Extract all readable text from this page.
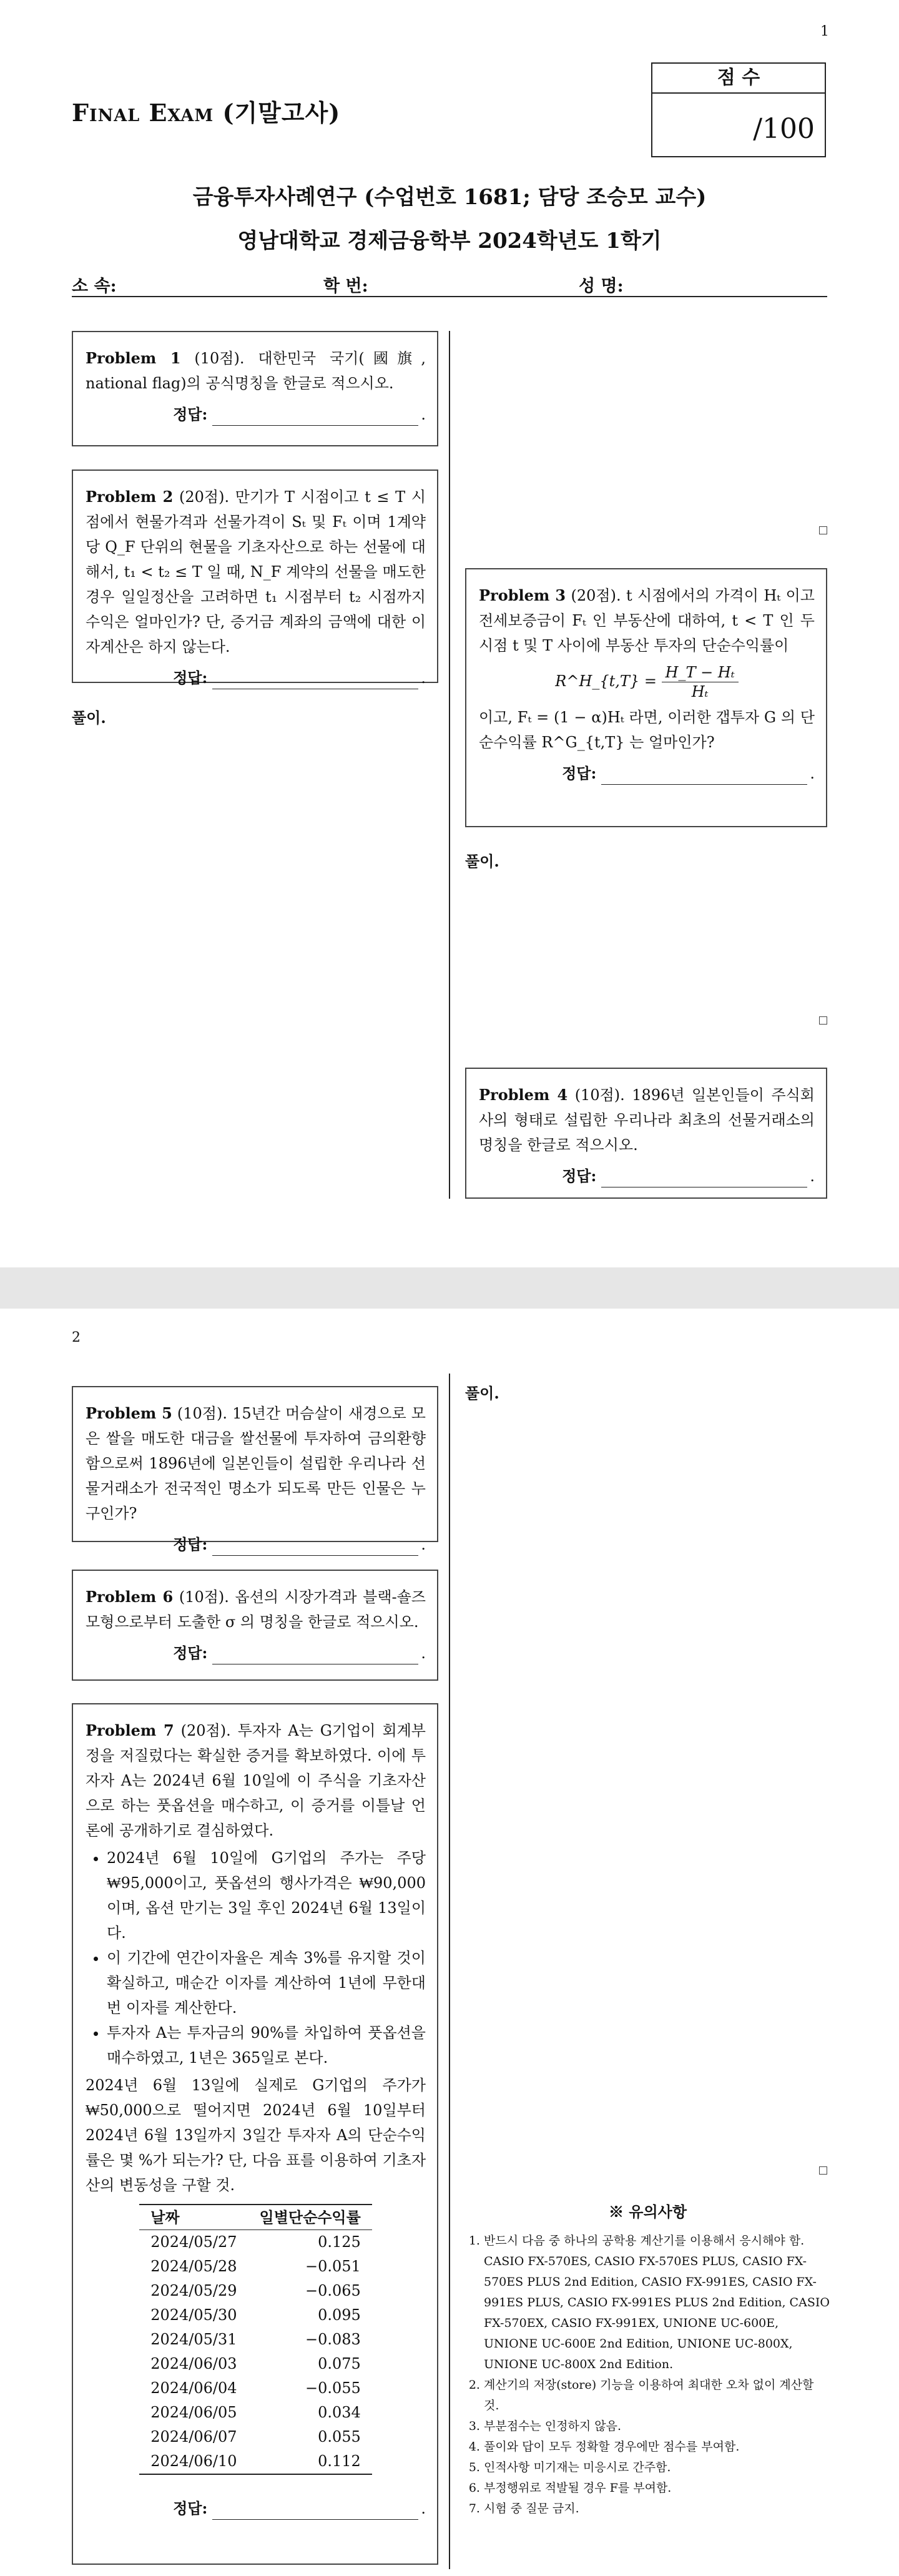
1
Final Exam (기말고사)
점 수
/100
금융투자사례연구 (수업번호 1681; 담당 조승모 교수)
영남대학교 경제금융학부 2024학년도 1학기
소 속:	학 번:	성 명:
Problem 1 (10점). 대한민국 국기(國旗, national flag)의 공식명칭을 한글로 적으시오.
정답:	.
Problem 2 (20점). 만기가 T 시점이고 t ≤ T 시점에서 현물가격과 선물가격이 Sₜ 및 Fₜ 이며 1계약당 Q_F 단위의 현물을 기초자산으로 하는 선물에 대해서, t₁ < t₂ ≤ T 일 때, N_F 계약의 선물을 매도한 경우 일일정산을 고려하면 t₁ 시점부터 t₂ 시점까지 수익은 얼마인가? 단, 증거금 계좌의 금액에 대한 이자계산은 하지 않는다.
정답:	.
풀이.
Problem 3 (20점). t 시점에서의 가격이 Hₜ 이고 전세보증금이 Fₜ 인 부동산에 대하여, t < T 인 두 시점 t 및 T 사이에 부동산 투자의 단순수익률이
R^H_{t,T} = $\frac{\text{H\_T − Hₜ}}{\text{Hₜ}}$
이고, Fₜ = (1 − α)Hₜ 라면, 이러한 갭투자 G 의 단순수익률 R^G_{t,T} 는 얼마인가?
정답:	.
풀이.
Problem 4 (10점). 1896년 일본인들이 주식회사의 형태로 설립한 우리나라 최초의 선물거래소의 명칭을 한글로 적으시오.
정답:	.
2
Problem 5 (10점). 15년간 머슴살이 새경으로 모은 쌀을 매도한 대금을 쌀선물에 투자하여 금의환향함으로써 1896년에 일본인들이 설립한 우리나라 선물거래소가 전국적인 명소가 되도록 만든 인물은 누구인가?
정답:	.
Problem 6 (10점). 옵션의 시장가격과 블랙-숄즈 모형으로부터 도출한 σ 의 명칭을 한글로 적으시오.
정답:	.
Problem 7 (20점). 투자자 A는 G기업이 회계부정을 저질렀다는 확실한 증거를 확보하였다. 이에 투자자 A는 2024년 6월 10일에 이 주식을 기초자산으로 하는 풋옵션을 매수하고, 이 증거를 이틀날 언론에 공개하기로 결심하였다.
• 2024년 6월 10일에 G기업의 주가는 주당 ₩95,000이고, 풋옵션의 행사가격은 ₩90,000이며, 옵션 만기는 3일 후인 2024년 6월 13일이다.
• 이 기간에 연간이자율은 계속 3%를 유지할 것이 확실하고, 매순간 이자를 계산하여 1년에 무한대번 이자를 계산한다.
• 투자자 A는 투자금의 90%를 차입하여 풋옵션을 매수하였고, 1년은 365일로 본다.
2024년 6월 13일에 실제로 G기업의 주가가 ₩50,000으로 떨어지면 2024년 6월 10일부터 2024년 6월 13일까지 3일간 투자자 A의 단순수익률은 몇 %가 되는가? 단, 다음 표를 이용하여 기초자산의 변동성을 구할 것.
날짜	일별단순수익률
2024/05/27	0.125
2024/05/28	−0.051
2024/05/29	−0.065
2024/05/30	0.095
2024/05/31	−0.083
2024/06/03	0.075
2024/06/04	−0.055
2024/06/05	0.034
2024/06/07	0.055
2024/06/10	0.112
정답:	.
풀이.
※ 유의사항
1. 반드시 다음 중 하나의 공학용 계산기를 이용해서 응시해야 함. CASIO FX-570ES, CASIO FX-570ES PLUS, CASIO FX-570ES PLUS 2nd Edition, CASIO FX-991ES, CASIO FX-991ES PLUS, CASIO FX-991ES PLUS 2nd Edition, CASIO FX-570EX, CASIO FX-991EX, UNIONE UC-600E, UNIONE UC-600E 2nd Edition, UNIONE UC-800X, UNIONE UC-800X 2nd Edition.
2. 계산기의 저장(store) 기능을 이용하여 최대한 오차 없이 계산할 것.
3. 부분점수는 인정하지 않음.
4. 풀이와 답이 모두 정확할 경우에만 점수를 부여함.
5. 인적사항 미기재는 미응시로 간주함.
6. 부정행위로 적발될 경우 F를 부여함.
7. 시험 중 질문 금지.
